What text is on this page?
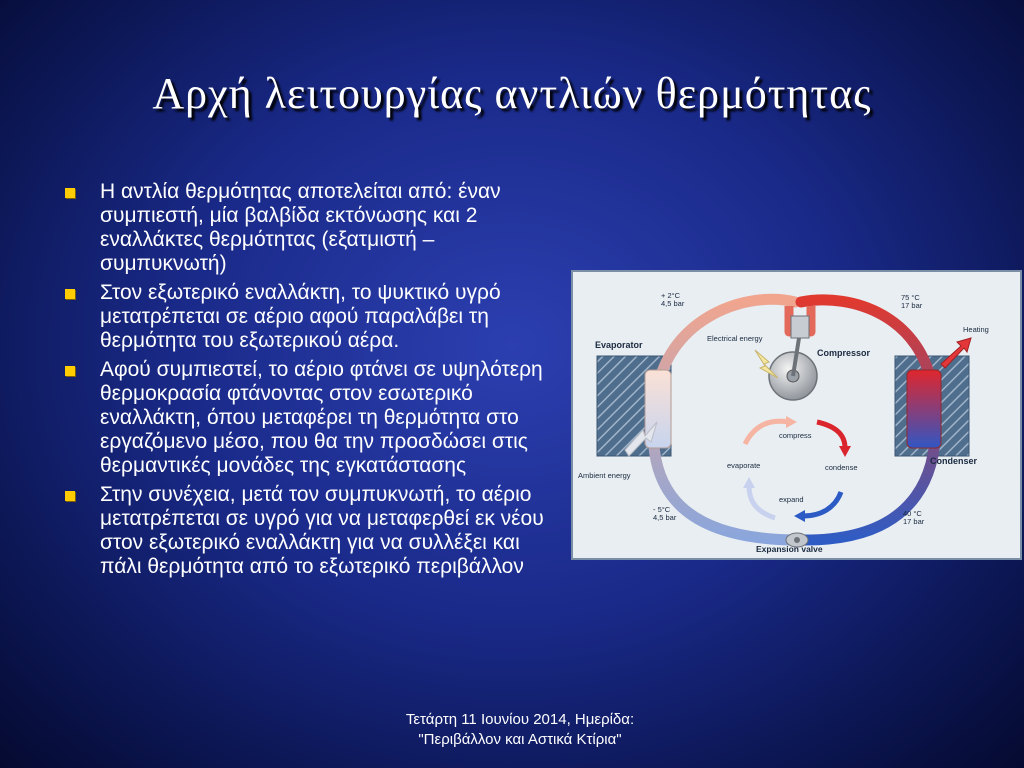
Αρχή λειτουργίας αντλιών θερμότητας
Η αντλία θερμότητας αποτελείται από: έναν συμπιεστή, μία βαλβίδα εκτόνωσης και 2 εναλλάκτες θερμότητας (εξατμιστή – συμπυκνωτή)
Στον εξωτερικό εναλλάκτη, το ψυκτικό υγρό μετατρέπεται σε αέριο αφού παραλάβει τη θερμότητα του εξωτερικού αέρα.
Αφού συμπιεστεί, το αέριο φτάνει σε υψηλότερη θερμοκρασία φτάνοντας στον εσωτερικό εναλλάκτη, όπου μεταφέρει τη θερμότητα στο εργαζόμενο μέσο, που θα την προσδώσει στις θερμαντικές μονάδες της εγκατάστασης
Στην συνέχεια, μετά τον συμπυκνωτή, το αέριο μετατρέπεται σε υγρό για να μεταφερθεί εκ νέου στον εξωτερικό εναλλάκτη για να συλλέξει και πάλι θερμότητα από το εξωτερικό περιβάλλον
Τετάρτη 11 Ιουνίου 2014, Ημερίδα:
"Περιβάλλον και Αστικά Κτίρια"
Evaporator
Compressor
Condenser
Expansion valve
Electrical energy
Ambient energy
Heating
+ 2°C
4,5 bar
75 °C
17 bar
- 5°C
4,5 bar	40 °C
17 bar
compress
condense
evaporate
expand
